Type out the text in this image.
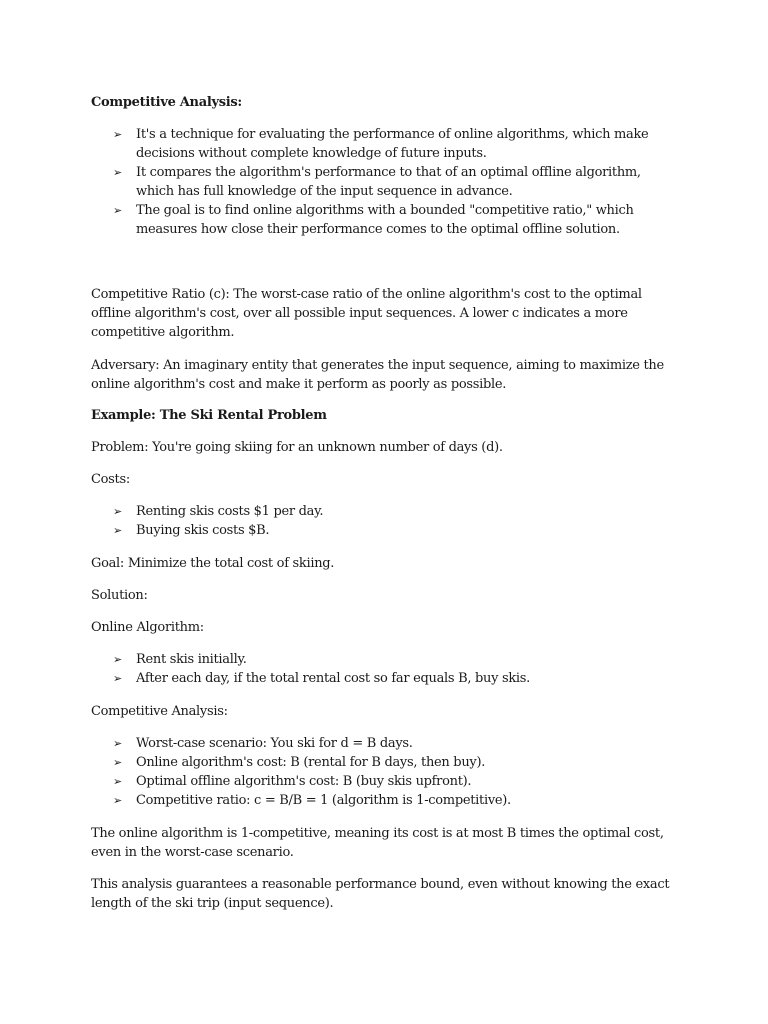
Competitive Analysis:

➢ It's a technique for evaluating the performance of online algorithms, which make decisions without complete knowledge of future inputs.
➢ It compares the algorithm's performance to that of an optimal offline algorithm, which has full knowledge of the input sequence in advance.
➢ The goal is to find online algorithms with a bounded "competitive ratio," which measures how close their performance comes to the optimal offline solution.

Competitive Ratio (c): The worst-case ratio of the online algorithm's cost to the optimal offline algorithm's cost, over all possible input sequences. A lower c indicates a more competitive algorithm.

Adversary: An imaginary entity that generates the input sequence, aiming to maximize the online algorithm's cost and make it perform as poorly as possible.

Example: The Ski Rental Problem

Problem: You're going skiing for an unknown number of days (d).

Costs:

➢ Renting skis costs $1 per day.
➢ Buying skis costs $B.

Goal: Minimize the total cost of skiing.

Solution:

Online Algorithm:

➢ Rent skis initially.
➢ After each day, if the total rental cost so far equals B, buy skis.

Competitive Analysis:

➢ Worst-case scenario: You ski for d = B days.
➢ Online algorithm's cost: B (rental for B days, then buy).
➢ Optimal offline algorithm's cost: B (buy skis upfront).
➢ Competitive ratio: c = B/B = 1 (algorithm is 1-competitive).

The online algorithm is 1-competitive, meaning its cost is at most B times the optimal cost, even in the worst-case scenario.

This analysis guarantees a reasonable performance bound, even without knowing the exact length of the ski trip (input sequence).
